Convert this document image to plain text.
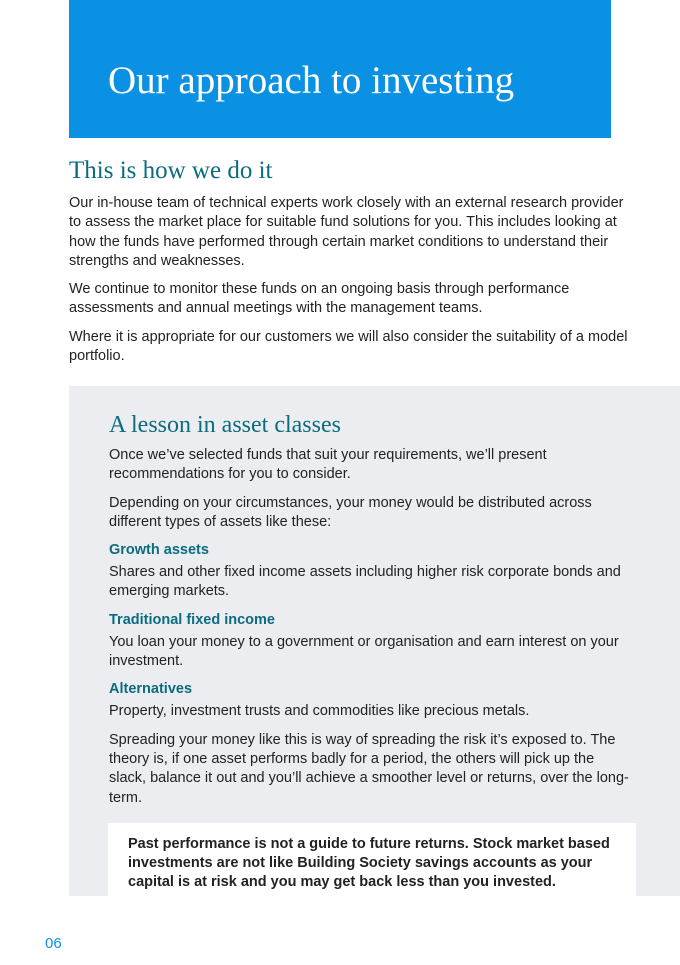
Our approach to investing
This is how we do it

Our in-house team of technical experts work closely with an external research provider to assess the market place for suitable fund solutions for you. This includes looking at how the funds have performed through certain market conditions to understand their strengths and weaknesses.

We continue to monitor these funds on an ongoing basis through performance assessments and annual meetings with the management teams.

Where it is appropriate for our customers we will also consider the suitability of a model portfolio.

A lesson in asset classes

Once we’ve selected funds that suit your requirements, we’ll present recommendations for you to consider.

Depending on your circumstances, your money would be distributed across different types of assets like these:

Growth assets

Shares and other fixed income assets including higher risk corporate bonds and emerging markets.

Traditional fixed income

You loan your money to a government or organisation and earn interest on your investment.

Alternatives

Property, investment trusts and commodities like precious metals.

Spreading your money like this is way of spreading the risk it’s exposed to. The theory is, if one asset performs badly for a period, the others will pick up the slack, balance it out and you’ll achieve a smoother level or returns, over the long-term.

Past performance is not a guide to future returns. Stock market based investments are not like Building Society savings accounts as your capital is at risk and you may get back less than you invested.

06
